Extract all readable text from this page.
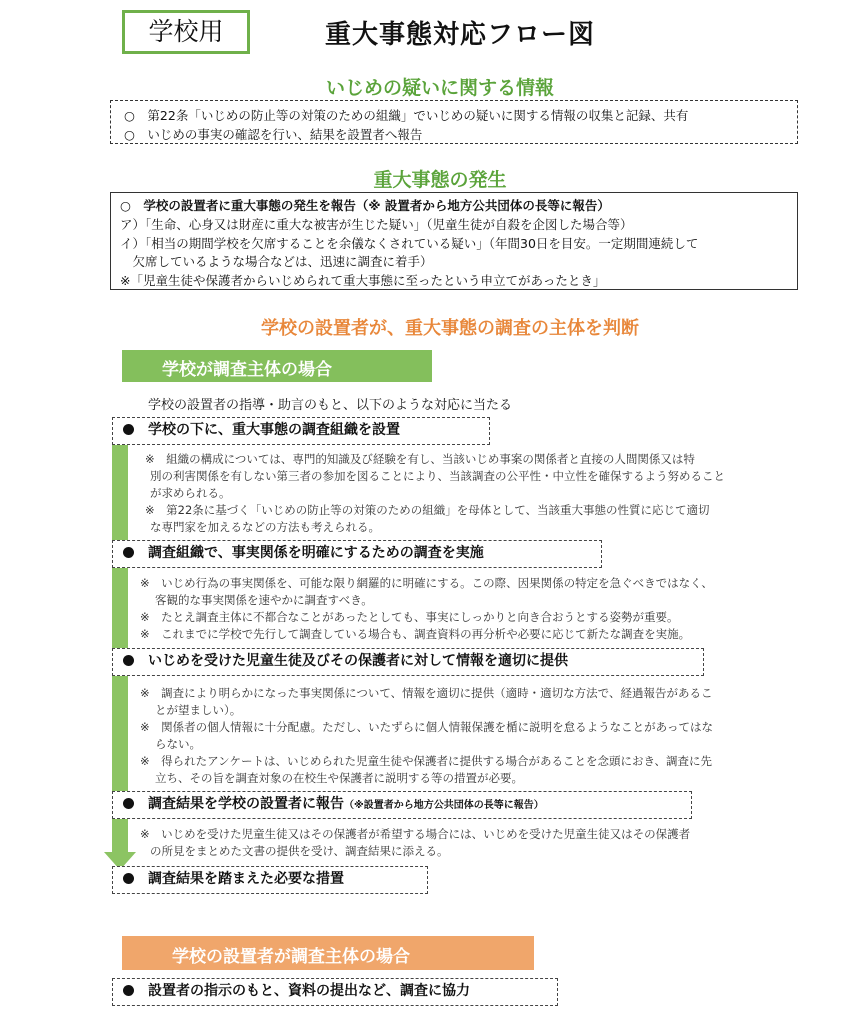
学校用	重大事態対応フロー図
いじめの疑いに関する情報
○　第22条「いじめの防止等の対策のための組織」でいじめの疑いに関する情報の収集と記録、共有
○　いじめの事実の確認を行い、結果を設置者へ報告
重大事態の発生
○　学校の設置者に重大事態の発生を報告（※ 設置者から地方公共団体の長等に報告）
ア）「生命、心身又は財産に重大な被害が生じた疑い」（児童生徒が自殺を企図した場合等）
イ）「相当の期間学校を欠席することを余儀なくされている疑い」（年間30日を目安。一定期間連続して
　欠席しているような場合などは、迅速に調査に着手）
※「児童生徒や保護者からいじめられて重大事態に至ったという申立てがあったとき」
学校の設置者が、重大事態の調査の主体を判断
学校が調査主体の場合
学校の設置者の指導・助言のもと、以下のような対応に当たる
学校の下に、重大事態の調査組織を設置
※　組織の構成については、専門的知識及び経験を有し、当該いじめ事案の関係者と直接の人間関係又は特
別の利害関係を有しない第三者の参加を図ることにより、当該調査の公平性・中立性を確保するよう努めること
が求められる。
※　第22条に基づく「いじめの防止等の対策のための組織」を母体として、当該重大事態の性質に応じて適切
な専門家を加えるなどの方法も考えられる。
調査組織で、事実関係を明確にするための調査を実施
※　いじめ行為の事実関係を、可能な限り網羅的に明確にする。この際、因果関係の特定を急ぐべきではなく、
客観的な事実関係を速やかに調査すべき。
※　たとえ調査主体に不都合なことがあったとしても、事実にしっかりと向き合おうとする姿勢が重要。
※　これまでに学校で先行して調査している場合も、調査資料の再分析や必要に応じて新たな調査を実施。
いじめを受けた児童生徒及びその保護者に対して情報を適切に提供
※　調査により明らかになった事実関係について、情報を適切に提供（適時・適切な方法で、経過報告があるこ
とが望ましい）。
※　関係者の個人情報に十分配慮。ただし、いたずらに個人情報保護を楯に説明を怠るようなことがあってはな
らない。
※　得られたアンケートは、いじめられた児童生徒や保護者に提供する場合があることを念頭におき、調査に先
立ち、その旨を調査対象の在校生や保護者に説明する等の措置が必要。
調査結果を学校の設置者に報告（※設置者から地方公共団体の長等に報告）
※　いじめを受けた児童生徒又はその保護者が希望する場合には、いじめを受けた児童生徒又はその保護者
の所見をまとめた文書の提供を受け、調査結果に添える。
調査結果を踏まえた必要な措置
学校の設置者が調査主体の場合
設置者の指示のもと、資料の提出など、調査に協力
